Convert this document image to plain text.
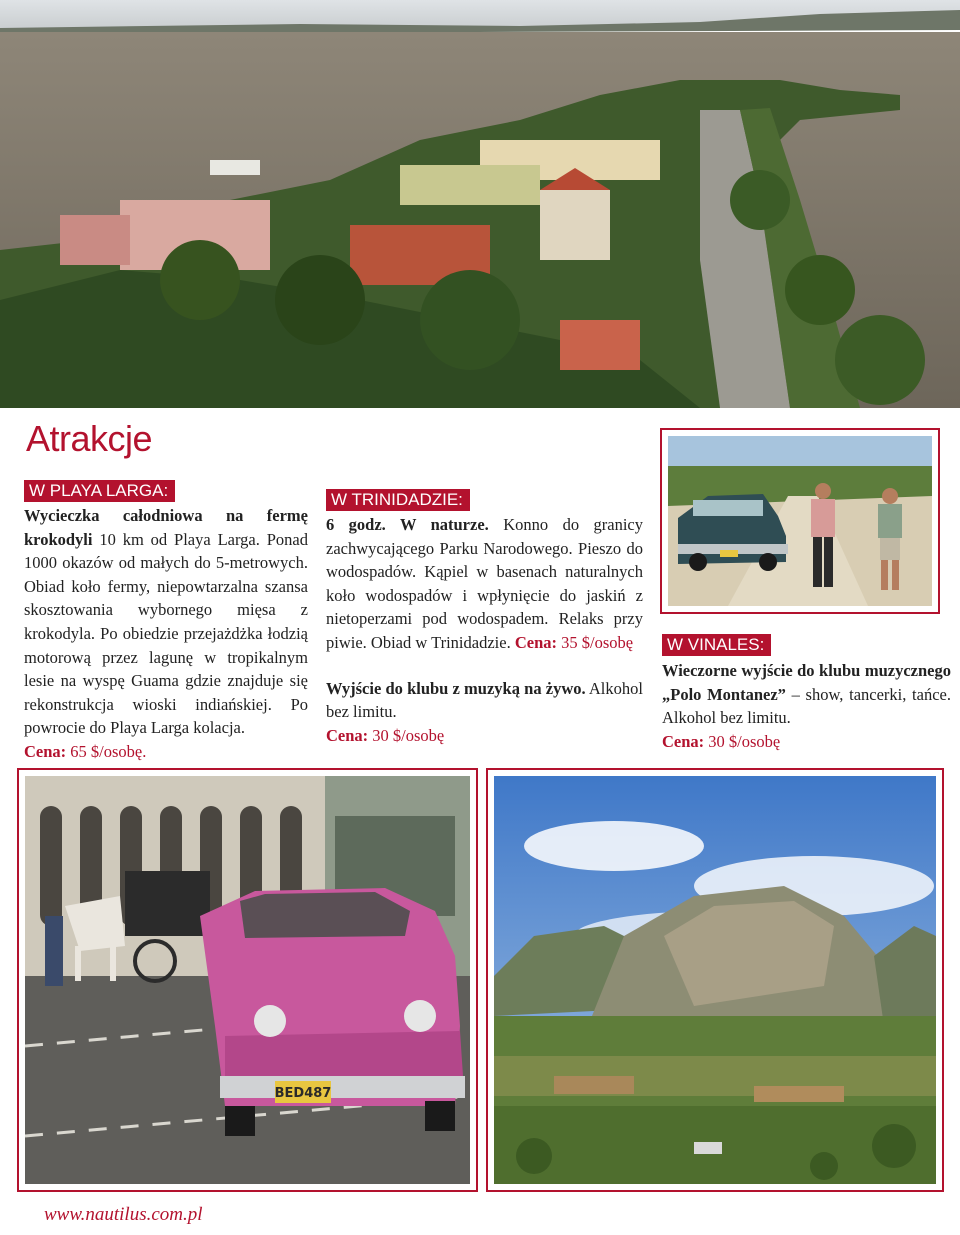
Atrakcje
W PLAYA LARGA:

Wycieczka całodniowa na fermę krokodyli 10 km od Playa Larga. Ponad 1000 okazów od małych do 5-metrowych. Obiad koło fermy, niepowtarzalna szansa skosztowania wybornego mięsa z krokodyla. Po obiedzie przejażdżka łodzią motorową przez lagunę w tropikalnym lesie na wyspę Guama gdzie znajduje się rekonstrukcja wioski indiańskiej. Po powrocie do Playa Larga kolacja.

Cena: 65 $/osobę.

W TRINIDADZIE:

6 godz. W naturze. Konno do granicy zachwycającego Parku Narodowego. Pieszo do wodospadów. Kąpiel w basenach naturalnych koło wodospadów i wpłynięcie do jaskiń z nietoperzami pod wodospadem. Relaks przy piwie. Obiad w Trinidadzie. Cena: 35 $/osobę

Wyjście do klubu z muzyką na żywo. Alkohol bez limitu.

Cena: 30 $/osobę

W VINALES:

Wieczorne wyjście do klubu muzycznego „Polo Montanez” – show, tancerki, tańce. Alkohol bez limitu.

Cena: 30 $/osobę

BED487
www.nautilus.com.pl
